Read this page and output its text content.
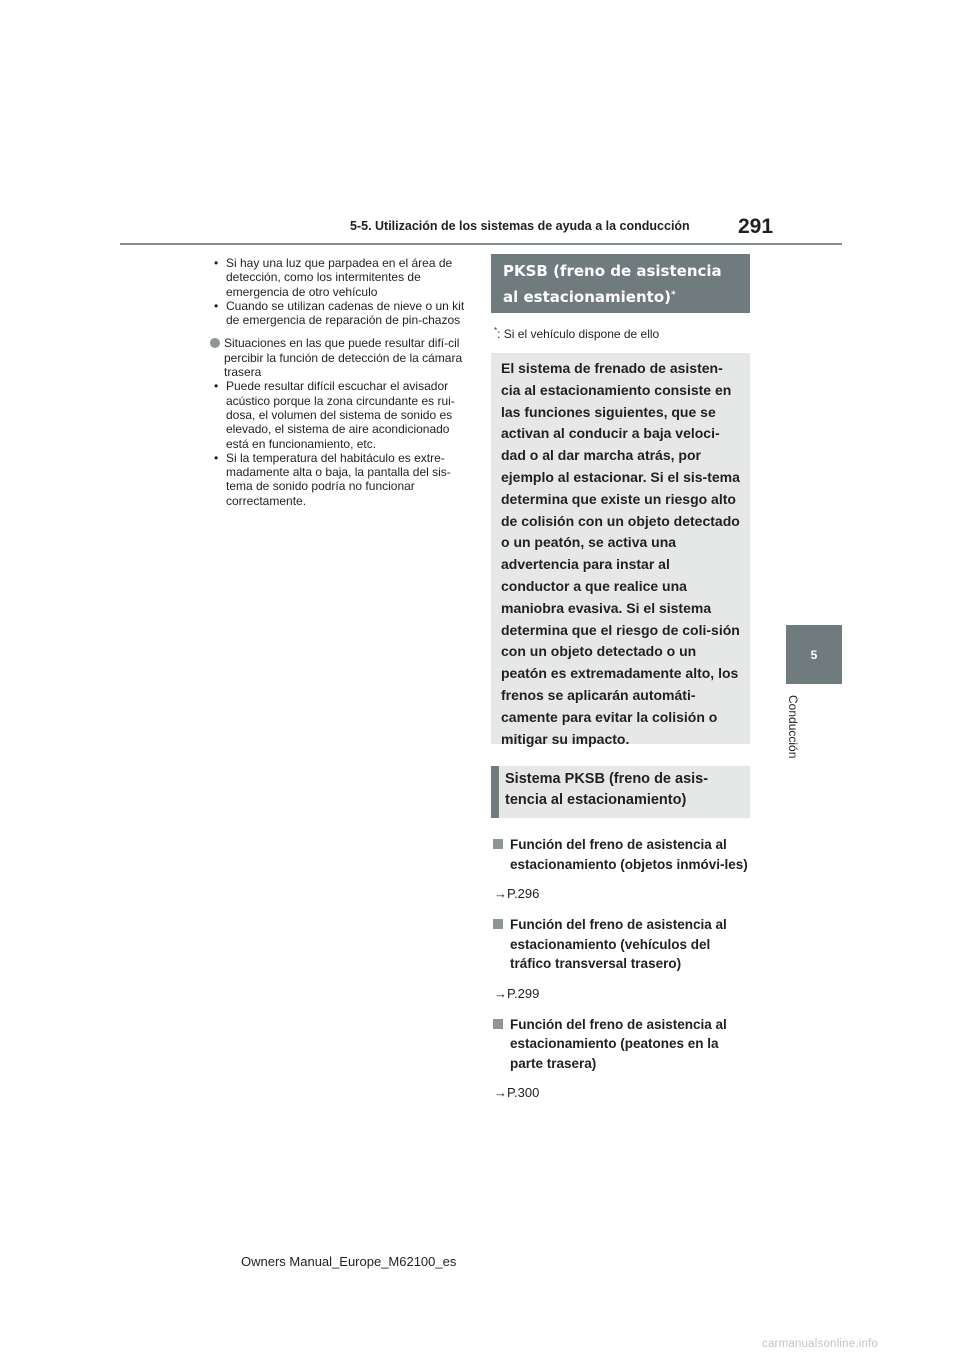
5-5. Utilización de los sistemas de ayuda a la conducción 291
5
Conducción
• Si hay una luz que parpadea en el área de detección, como los intermitentes de emergencia de otro vehículo
• Cuando se utilizan cadenas de nieve o un kit de emergencia de reparación de pin-chazos
Situaciones en las que puede resultar difí-cil percibir la función de detección de la cámara trasera
• Puede resultar difícil escuchar el avisador acústico porque la zona circundante es rui-dosa, el volumen del sistema de sonido es elevado, el sistema de aire acondicionado está en funcionamiento, etc.
• Si la temperatura del habitáculo es extre-madamente alta o baja, la pantalla del sis-tema de sonido podría no funcionar correctamente.
PKSB (freno de asistencia al estacionamiento)*
*: Si el vehículo dispone de ello
El sistema de frenado de asisten-cia al estacionamiento consiste en las funciones siguientes, que se activan al conducir a baja veloci-dad o al dar marcha atrás, por ejemplo al estacionar. Si el sis-tema determina que existe un riesgo alto de colisión con un objeto detectado o un peatón, se activa una advertencia para instar al conductor a que realice una maniobra evasiva. Si el sistema determina que el riesgo de coli-sión con un objeto detectado o un peatón es extremadamente alto, los frenos se aplicarán automáti-camente para evitar la colisión o mitigar su impacto.
Sistema PKSB (freno de asis-tencia al estacionamiento)
Función del freno de asistencia al estacionamiento (objetos inmóvi-les)
→P.296
Función del freno de asistencia al estacionamiento (vehículos del tráfico transversal trasero)
→P.299
Función del freno de asistencia al estacionamiento (peatones en la parte trasera)
→P.300
Owners Manual_Europe_M62100_es
carmanualsonline.info
